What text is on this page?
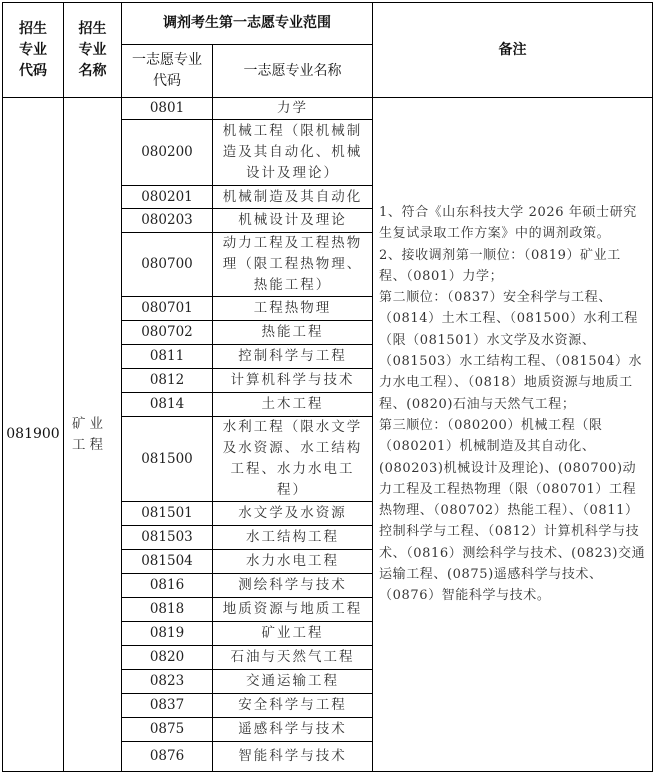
招生专业代码	招生专业名称	调剂考生第一志愿专业范围		备注
		一志愿专业代码	一志愿专业名称	
081900	矿业工程	0801	力学	1、符合《山东科技大学 2026 年硕士研究生复试录取工作方案》中的调剂政策。

2、接收调剂第一顺位：（0819）矿业工程、（0801）力学；

第二顺位：（0837）安全科学与工程、（0814）土木工程、（081500）水利工程（限（081501）水文学及水资源、（081503）水工结构工程、（081504）水力水电工程）、（0818）地质资源与地质工程、(0820)石油与天然气工程；

第三顺位：（080200）机械工程（限（080201）机械制造及其自动化、(080203)机械设计及理论)、(080700)动力工程及工程热物理（限（080701）工程热物理、（080702）热能工程）、（0811）控制科学与工程、（0812）计算机科学与技术、（0816）测绘科学与技术、(0823)交通运输工程、(0875)遥感科学与技术、（0876）智能科学与技术。

		080200	机械工程（限机械制造及其自动化、机械设计及理论）	
		080201	机械制造及其自动化	
		080203	机械设计及理论	
		080700	动力工程及工程热物理（限工程热物理、热能工程）	
		080701	工程热物理	
		080702	热能工程	
		0811	控制科学与工程	
		0812	计算机科学与技术	
		0814	土木工程	
		081500	水利工程（限水文学及水资源、水工结构工程、水力水电工程）	
		081501	水文学及水资源	
		081503	水工结构工程	
		081504	水力水电工程	
		0816	测绘科学与技术	
		0818	地质资源与地质工程	
		0819	矿业工程	
		0820	石油与天然气工程	
		0823	交通运输工程	
		0837	安全科学与工程	
		0875	遥感科学与技术	
		0876	智能科学与技术	
